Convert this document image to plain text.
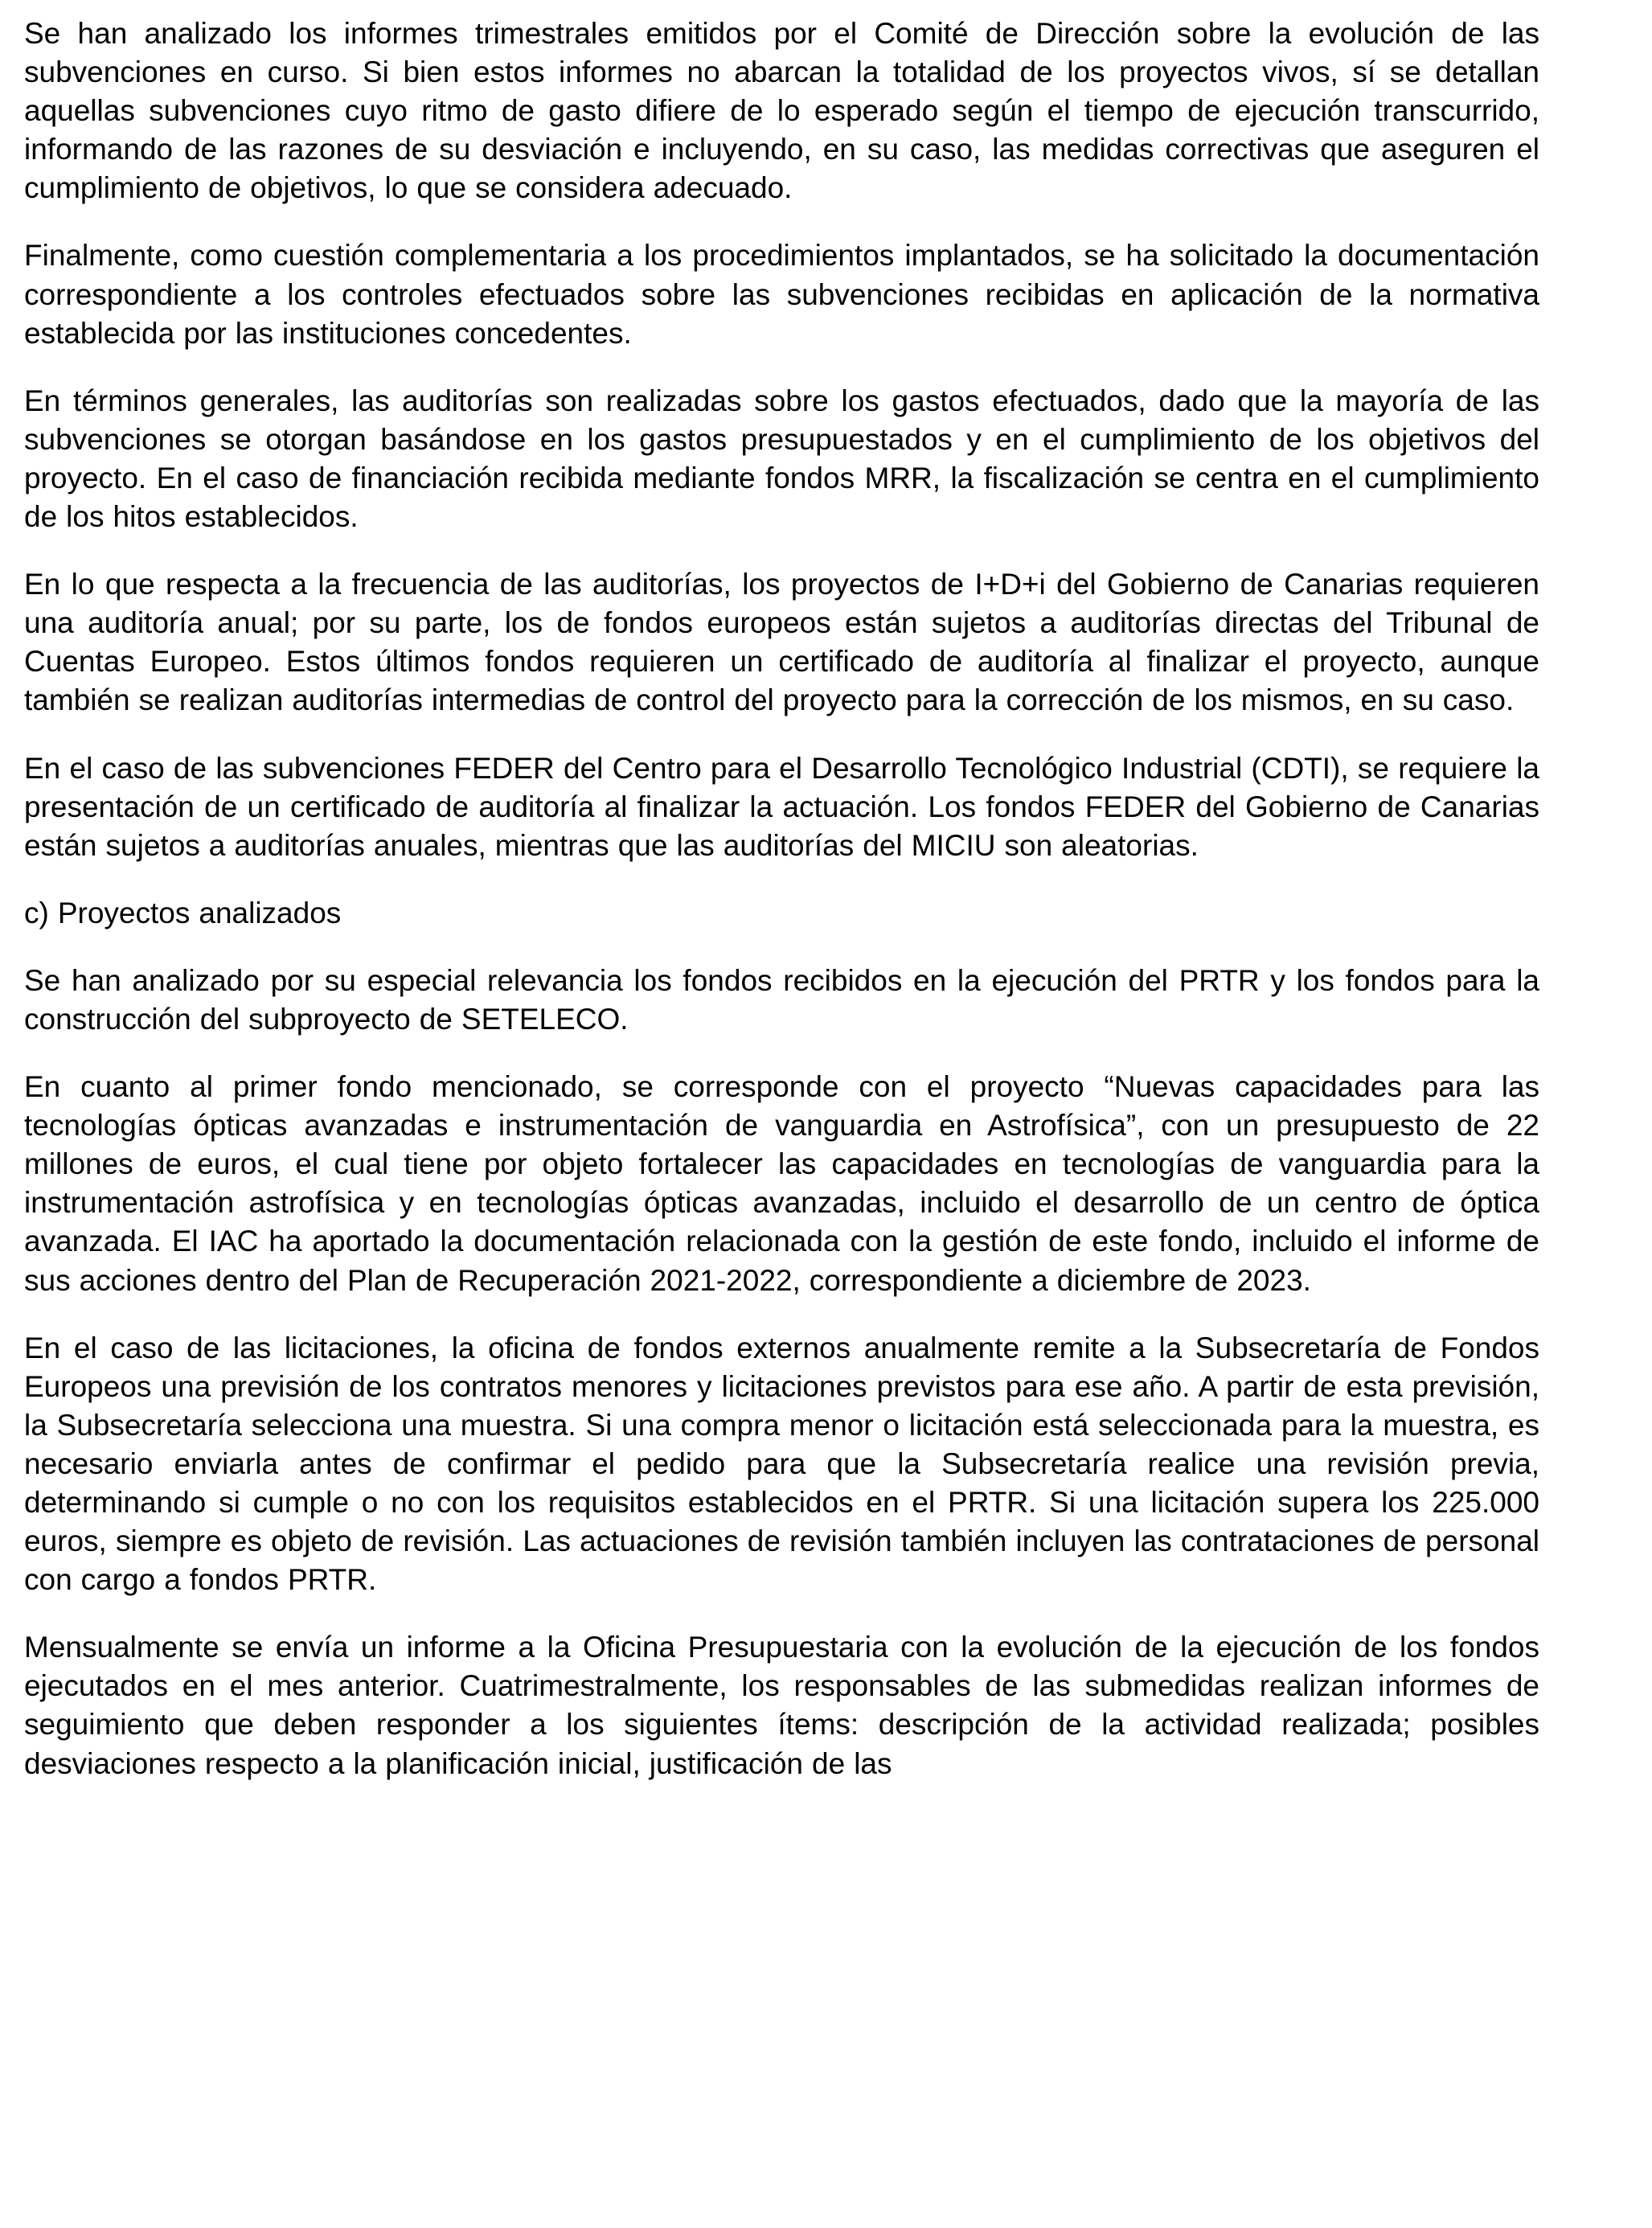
Se han analizado los informes trimestrales emitidos por el Comité de Dirección sobre la evolución de las subvenciones en curso. Si bien estos informes no abarcan la totalidad de los proyectos vivos, sí se detallan aquellas subvenciones cuyo ritmo de gasto difiere de lo esperado según el tiempo de ejecución transcurrido, informando de las razones de su desviación e incluyendo, en su caso, las medidas correctivas que aseguren el cumplimiento de objetivos, lo que se considera adecuado.

Finalmente, como cuestión complementaria a los procedimientos implantados, se ha solicitado la documentación correspondiente a los controles efectuados sobre las subvenciones recibidas en aplicación de la normativa establecida por las instituciones concedentes.

En términos generales, las auditorías son realizadas sobre los gastos efectuados, dado que la mayoría de las subvenciones se otorgan basándose en los gastos presupuestados y en el cumplimiento de los objetivos del proyecto. En el caso de financiación recibida mediante fondos MRR, la fiscalización se centra en el cumplimiento de los hitos establecidos.

En lo que respecta a la frecuencia de las auditorías, los proyectos de I+D+i del Gobierno de Canarias requieren una auditoría anual; por su parte, los de fondos europeos están sujetos a auditorías directas del Tribunal de Cuentas Europeo. Estos últimos fondos requieren un certificado de auditoría al finalizar el proyecto, aunque también se realizan auditorías intermedias de control del proyecto para la corrección de los mismos, en su caso.

En el caso de las subvenciones FEDER del Centro para el Desarrollo Tecnológico Industrial (CDTI), se requiere la presentación de un certificado de auditoría al finalizar la actuación. Los fondos FEDER del Gobierno de Canarias están sujetos a auditorías anuales, mientras que las auditorías del MICIU son aleatorias.

c) Proyectos analizados

Se han analizado por su especial relevancia los fondos recibidos en la ejecución del PRTR y los fondos para la construcción del subproyecto de SETELECO.

En cuanto al primer fondo mencionado, se corresponde con el proyecto “Nuevas capacidades para las tecnologías ópticas avanzadas e instrumentación de vanguardia en Astrofísica”, con un presupuesto de 22 millones de euros, el cual tiene por objeto fortalecer las capacidades en tecnologías de vanguardia para la instrumentación astrofísica y en tecnologías ópticas avanzadas, incluido el desarrollo de un centro de óptica avanzada. El IAC ha aportado la documentación relacionada con la gestión de este fondo, incluido el informe de sus acciones dentro del Plan de Recuperación 2021-2022, correspondiente a diciembre de 2023.

En el caso de las licitaciones, la oficina de fondos externos anualmente remite a la Subsecretaría de Fondos Europeos una previsión de los contratos menores y licitaciones previstos para ese año. A partir de esta previsión, la Subsecretaría selecciona una muestra. Si una compra menor o licitación está seleccionada para la muestra, es necesario enviarla antes de confirmar el pedido para que la Subsecretaría realice una revisión previa, determinando si cumple o no con los requisitos establecidos en el PRTR. Si una licitación supera los 225.000 euros, siempre es objeto de revisión. Las actuaciones de revisión también incluyen las contrataciones de personal con cargo a fondos PRTR.

Mensualmente se envía un informe a la Oficina Presupuestaria con la evolución de la ejecución de los fondos ejecutados en el mes anterior. Cuatrimestralmente, los responsables de las submedidas realizan informes de seguimiento que deben responder a los siguientes ítems: descripción de la actividad realizada; posibles desviaciones respecto a la planificación inicial, justificación de las
